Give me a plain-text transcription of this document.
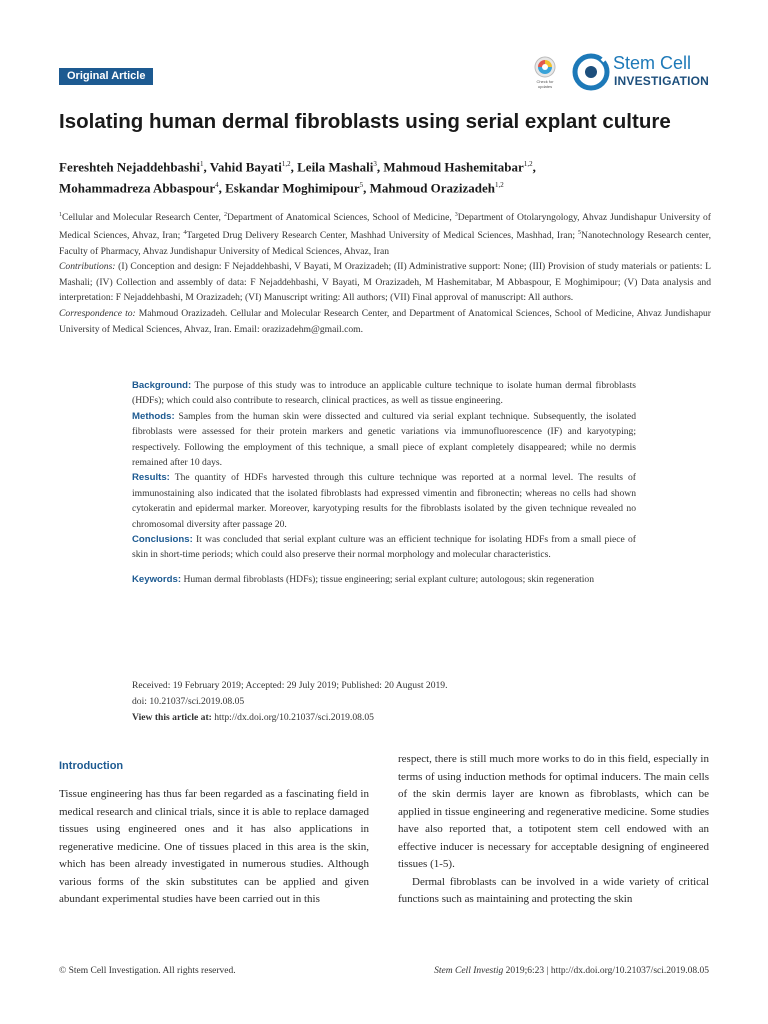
Original Article	Check for updates
Stem Cell
INVESTIGATION
Isolating human dermal fibroblasts using serial explant culture
Fereshteh Nejaddehbashi$^1$, Vahid Bayati$^{1,2}$, Leila Mashali$^3$, Mahmoud Hashemitabar$^{1,2}$,
Mohammadreza Abbaspour$^4$, Eskandar Moghimipour$^5$, Mahmoud Orazizadeh$^{1,2}$
$^1$Cellular and Molecular Research Center, $^2$Department of Anatomical Sciences, School of Medicine, $^3$Department of Otolaryngology, Ahvaz Jundishapur University of Medical Sciences, Ahvaz, Iran; $^4$Targeted Drug Delivery Research Center, Mashhad University of Medical Sciences, Mashhad, Iran; $^5$Nanotechnology Research center, Faculty of Pharmacy, Ahvaz Jundishapur University of Medical Sciences, Ahvaz, Iran
Contributions: (I) Conception and design: F Nejaddehbashi, V Bayati, M Orazizadeh; (II) Administrative support: None; (III) Provision of study materials or patients: L Mashali; (IV) Collection and assembly of data: F Nejaddehbashi, V Bayati, M Orazizadeh, M Hashemitabar, M Abbaspour, E Moghimipour; (V) Data analysis and interpretation: F Nejaddehbashi, M Orazizadeh; (VI) Manuscript writing: All authors; (VII) Final approval of manuscript: All authors.
Correspondence to: Mahmoud Orazizadeh. Cellular and Molecular Research Center, and Department of Anatomical Sciences, School of Medicine, Ahvaz Jundishapur University of Medical Sciences, Ahvaz, Iran. Email: orazizadehm@gmail.com.

Background: The purpose of this study was to introduce an applicable culture technique to isolate human dermal fibroblasts (HDFs); which could also contribute to research, clinical practices, as well as tissue engineering.

Methods: Samples from the human skin were dissected and cultured via serial explant technique. Subsequently, the isolated fibroblasts were assessed for their protein markers and genetic variations via immunofluorescence (IF) and karyotyping; respectively. Following the employment of this technique, a small piece of explant completely disappeared; while no dermis remained after 10 days.

Results: The quantity of HDFs harvested through this culture technique was reported at a normal level. The results of immunostaining also indicated that the isolated fibroblasts had expressed vimentin and fibronectin; whereas no cells had shown cytokeratin and epidermal marker. Moreover, karyotyping results for the fibroblasts isolated by the given technique revealed no chromosomal diversity after passage 20.

Conclusions: It was concluded that serial explant culture was an efficient technique for isolating HDFs from a small piece of skin in short-time periods; which could also preserve their normal morphology and molecular characteristics.

Keywords: Human dermal fibroblasts (HDFs); tissue engineering; serial explant culture; autologous; skin regeneration

Received: 19 February 2019; Accepted: 29 July 2019; Published: 20 August 2019.

doi: 10.21037/sci.2019.08.05

View this article at: http://dx.doi.org/10.21037/sci.2019.08.05

Introduction

Tissue engineering has thus far been regarded as a fascinating field in medical research and clinical trials, since it is able to replace damaged tissues using engineered ones and it has also applications in regenerative medicine. One of tissues placed in this area is the skin, which has been already investigated in numerous studies. Although various forms of the skin substitutes can be applied and given abundant experimental studies have been carried out in this

respect, there is still much more works to do in this field, especially in terms of using induction methods for optimal inducers. The main cells of the skin dermis layer are known as fibroblasts, which can be applied in tissue engineering and regenerative medicine. Some studies have also reported that, a totipotent stem cell endowed with an effective inducer is necessary for acceptable designing of engineered tissues (1-5).

Dermal fibroblasts can be involved in a wide variety of critical functions such as maintaining and protecting the skin

© Stem Cell Investigation. All rights reserved.	Stem Cell Investig 2019;6:23 | http://dx.doi.org/10.21037/sci.2019.08.05
